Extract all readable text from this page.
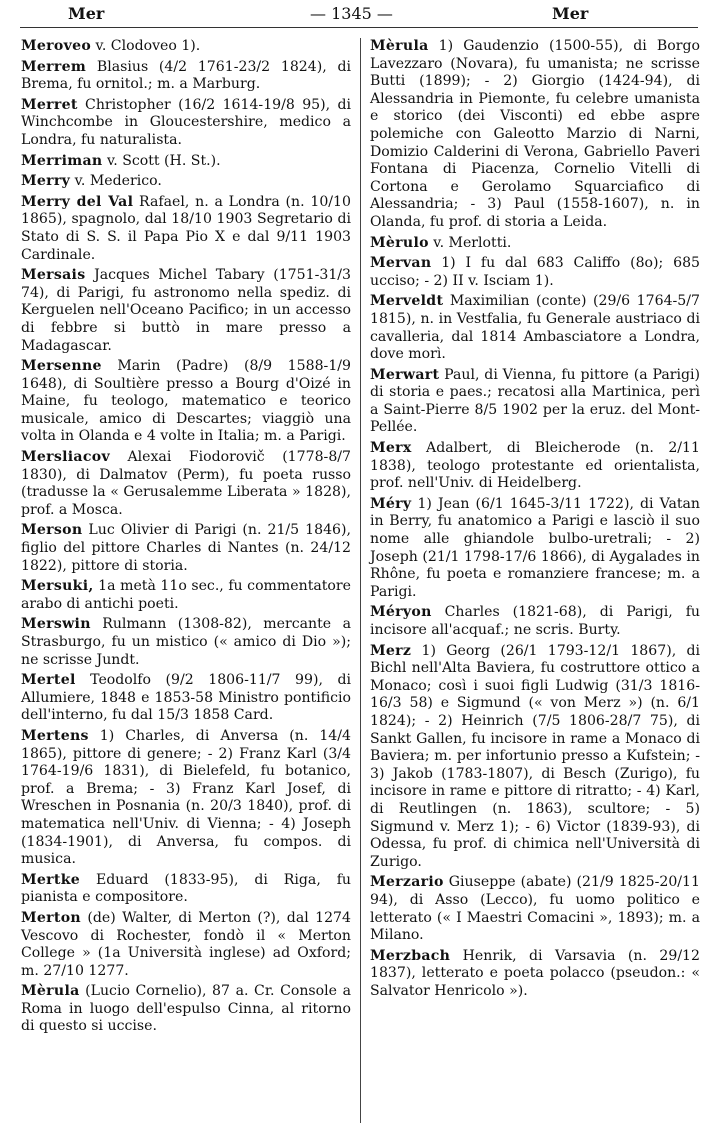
Mer	— 1345 —	Mer

Meroveo v. Clodoveo 1).

Merrem Blasius (4/2 1761-23/2 1824), di Brema, fu ornitol.; m. a Marburg.

Merret Christopher (16/2 1614-19/8 95), di Winchcombe in Gloucestershire, medico a Londra, fu naturalista.

Merriman v. Scott (H. St.).

Merry v. Mederico.

Merry del Val Rafael, n. a Londra (n. 10/10 1865), spagnolo, dal 18/10 1903 Segretario di Stato di S. S. il Papa Pio X e dal 9/11 1903 Cardinale.

Mersais Jacques Michel Tabary (1751-31/3 74), di Parigi, fu astronomo nella spediz. di Kerguelen nell'Oceano Pacifico; in un accesso di febbre si buttò in mare presso a Madagascar.

Mersenne Marin (Padre) (8/9 1588-1/9 1648), di Soultière presso a Bourg d'Oizé in Maine, fu teologo, matematico e teorico musicale, amico di Descartes; viaggiò una volta in Olanda e 4 volte in Italia; m. a Parigi.

Mersliacov Alexai Fiodorovič (1778-8/7 1830), di Dalmatov (Perm), fu poeta russo (tradusse la « Gerusalemme Liberata » 1828), prof. a Mosca.

Merson Luc Olivier di Parigi (n. 21/5 1846), figlio del pittore Charles di Nantes (n. 24/12 1822), pittore di storia.

Mersuki, 1a metà 11o sec., fu commentatore arabo di antichi poeti.

Merswin Rulmann (1308-82), mercante a Strasburgo, fu un mistico (« amico di Dio »); ne scrisse Jundt.

Mertel Teodolfo (9/2 1806-11/7 99), di Allumiere, 1848 e 1853-58 Ministro pontificio dell'interno, fu dal 15/3 1858 Card.

Mertens 1) Charles, di Anversa (n. 14/4 1865), pittore di genere; - 2) Franz Karl (3/4 1764-19/6 1831), di Bielefeld, fu botanico, prof. a Brema; - 3) Franz Karl Josef, di Wreschen in Posnania (n. 20/3 1840), prof. di matematica nell'Univ. di Vienna; - 4) Joseph (1834-1901), di Anversa, fu compos. di musica.

Mertke Eduard (1833-95), di Riga, fu pianista e compositore.

Merton (de) Walter, di Merton (?), dal 1274 Vescovo di Rochester, fondò il « Merton College » (1a Università inglese) ad Oxford; m. 27/10 1277.

Mèrula (Lucio Cornelio), 87 a. Cr. Console a Roma in luogo dell'espulso Cinna, al ritorno di questo si uccise.

Mèrula 1) Gaudenzio (1500-55), di Borgo Lavezzaro (Novara), fu umanista; ne scrisse Butti (1899); - 2) Giorgio (1424-94), di Alessandria in Piemonte, fu celebre umanista e storico (dei Visconti) ed ebbe aspre polemiche con Galeotto Marzio di Narni, Domizio Calderini di Verona, Gabriello Paveri Fontana di Piacenza, Cornelio Vitelli di Cortona e Gerolamo Squarciafico di Alessandria; - 3) Paul (1558-1607), n. in Olanda, fu prof. di storia a Leida.

Mèrulo v. Merlotti.

Mervan 1) I fu dal 683 Califfo (8o); 685 ucciso; - 2) II v. Isciam 1).

Merveldt Maximilian (conte) (29/6 1764-5/7 1815), n. in Vestfalia, fu Generale austriaco di cavalleria, dal 1814 Ambasciatore a Londra, dove morì.

Merwart Paul, di Vienna, fu pittore (a Parigi) di storia e paes.; recatosi alla Martinica, perì a Saint-Pierre 8/5 1902 per la eruz. del Mont-Pellée.

Merx Adalbert, di Bleicherode (n. 2/11 1838), teologo protestante ed orientalista, prof. nell'Univ. di Heidelberg.

Méry 1) Jean (6/1 1645-3/11 1722), di Vatan in Berry, fu anatomico a Parigi e lasciò il suo nome alle ghiandole bulbo-uretrali; - 2) Joseph (21/1 1798-17/6 1866), di Aygalades in Rhône, fu poeta e romanziere francese; m. a Parigi.

Méryon Charles (1821-68), di Parigi, fu incisore all'acquaf.; ne scris. Burty.

Merz 1) Georg (26/1 1793-12/1 1867), di Bichl nell'Alta Baviera, fu costruttore ottico a Monaco; così i suoi figli Ludwig (31/3 1816-16/3 58) e Sigmund (« von Merz ») (n. 6/1 1824); - 2) Heinrich (7/5 1806-28/7 75), di Sankt Gallen, fu incisore in rame a Monaco di Baviera; m. per infortunio presso a Kufstein; - 3) Jakob (1783-1807), di Besch (Zurigo), fu incisore in rame e pittore di ritratto; - 4) Karl, di Reutlingen (n. 1863), scultore; - 5) Sigmund v. Merz 1); - 6) Victor (1839-93), di Odessa, fu prof. di chimica nell'Università di Zurigo.

Merzario Giuseppe (abate) (21/9 1825-20/11 94), di Asso (Lecco), fu uomo politico e letterato (« I Maestri Comacini », 1893); m. a Milano.

Merzbach Henrik, di Varsavia (n. 29/12 1837), letterato e poeta polacco (pseudon.: « Salvator Henricolo »).
